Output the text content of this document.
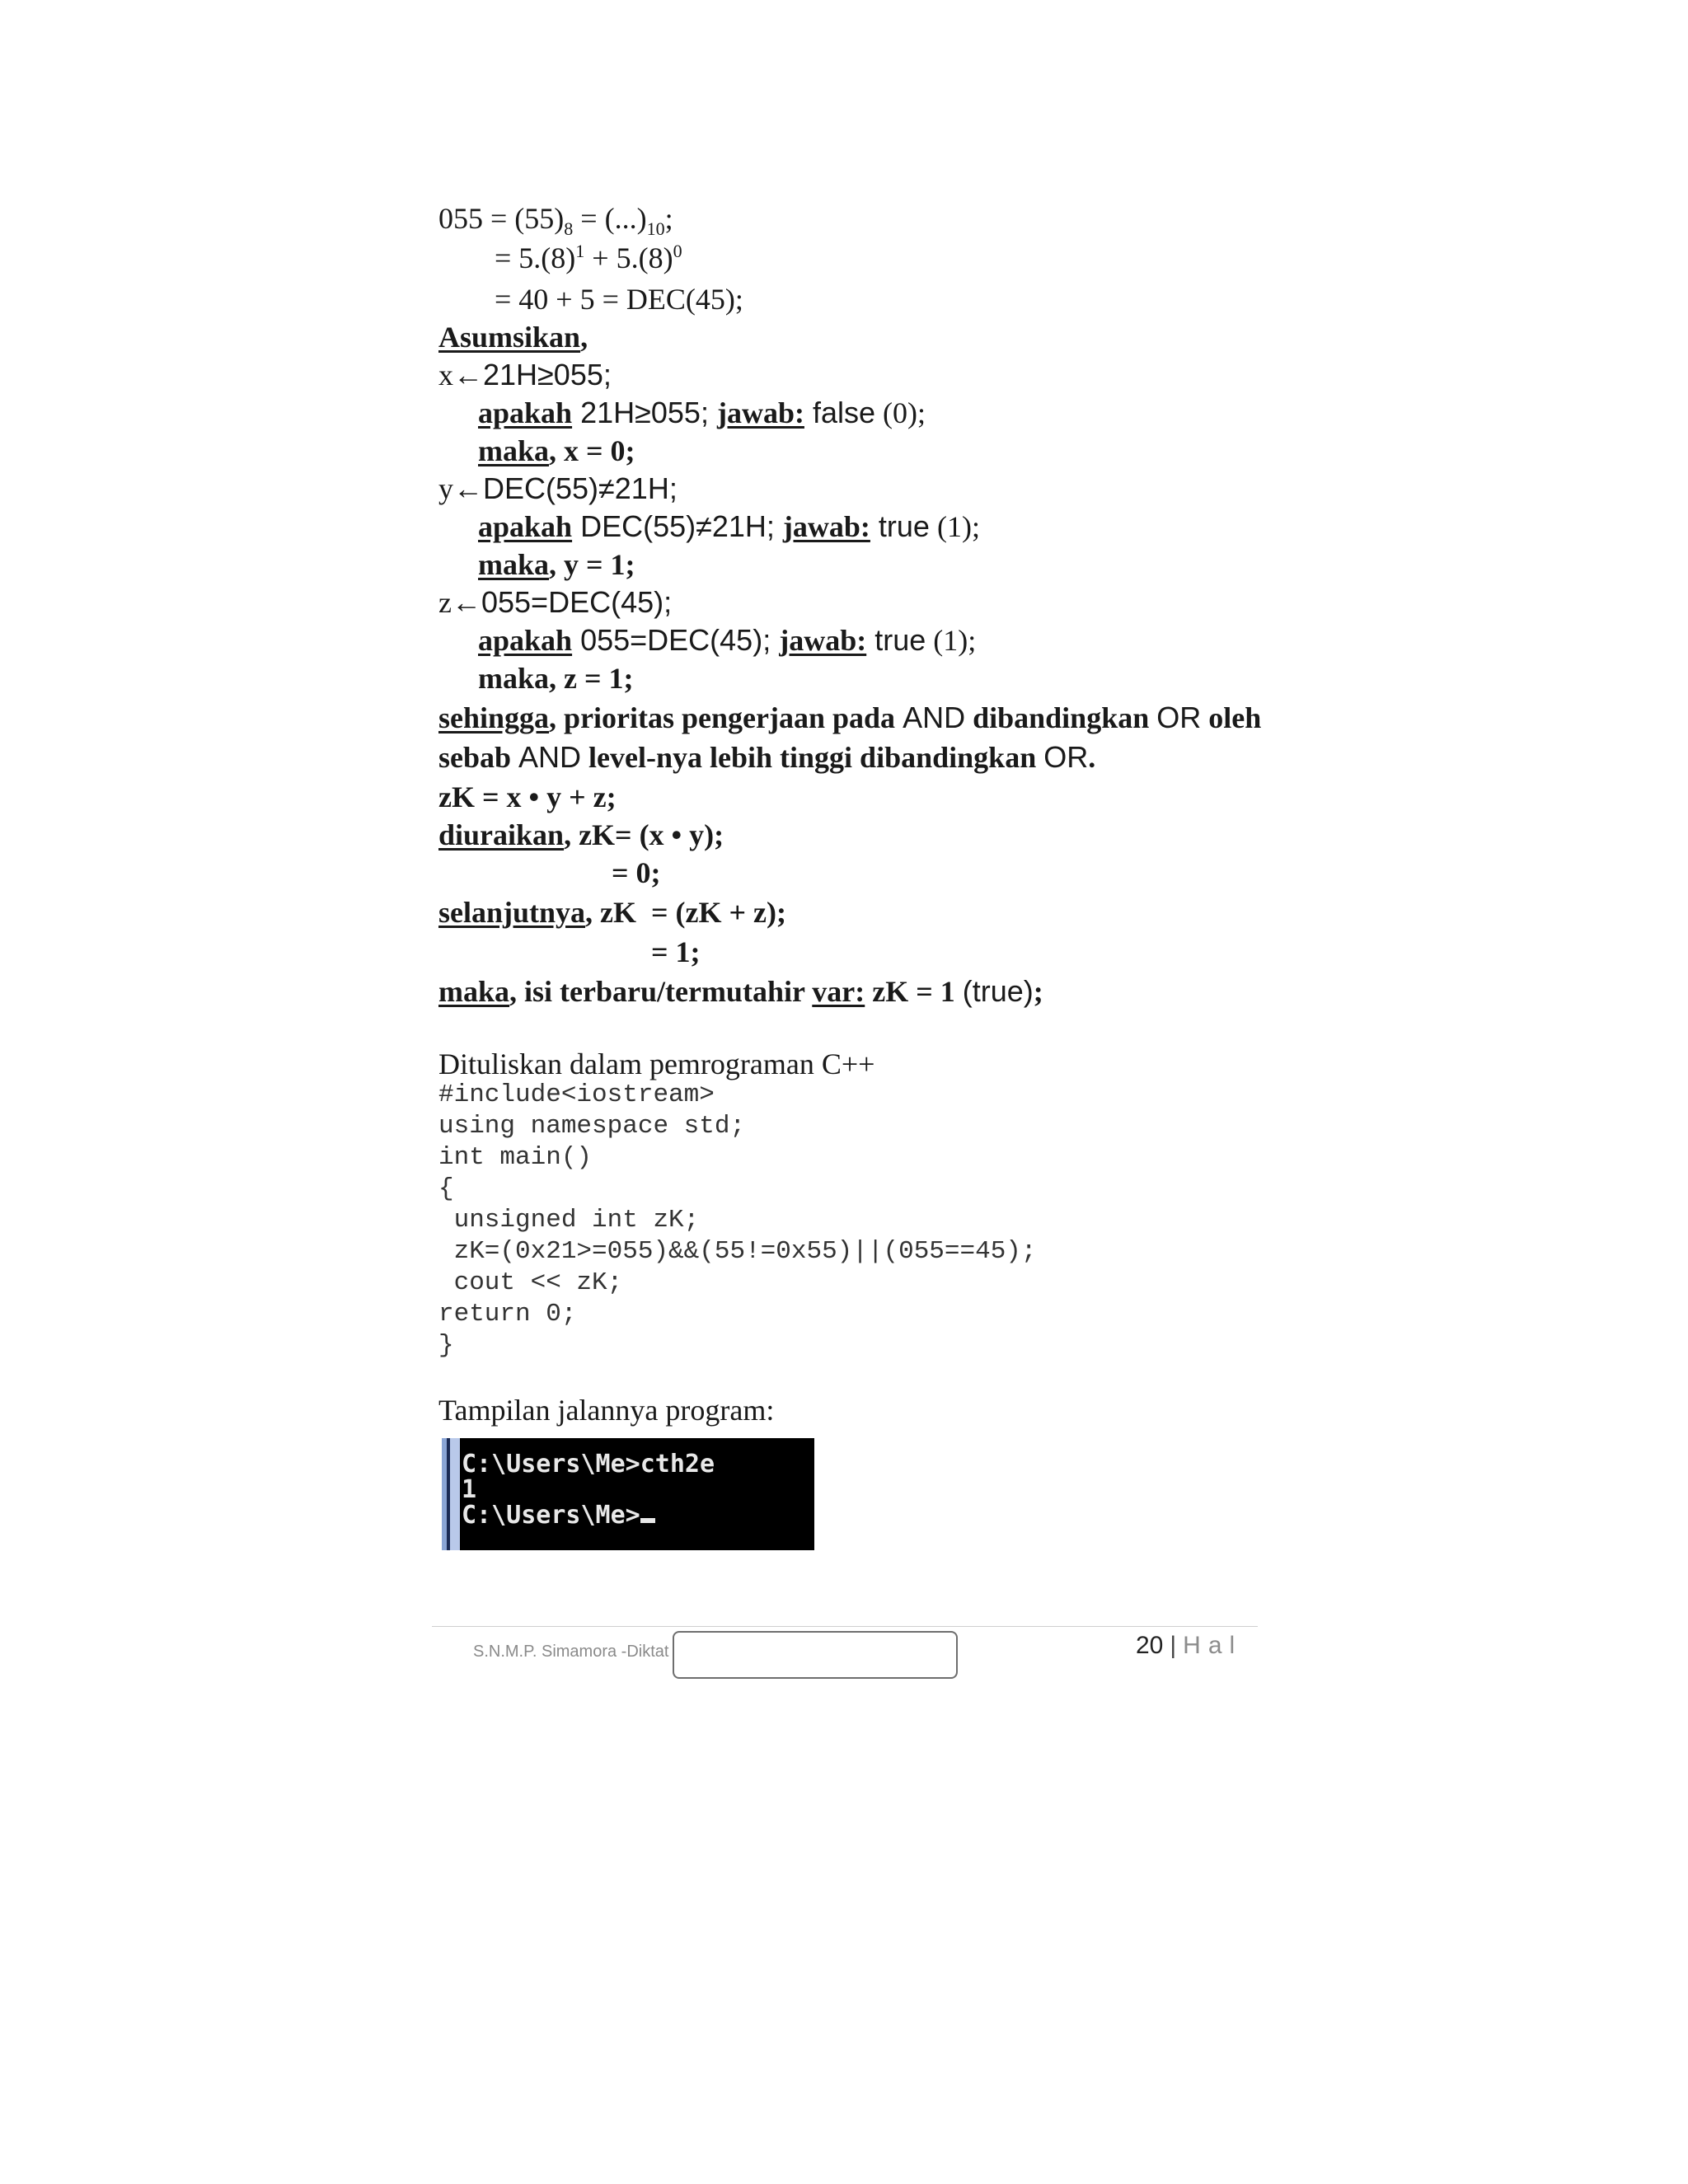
$055 = (55)_8 = (...)_{10}$;
= $5.(8)^1 + 5.(8)^0$
= 40 + 5 = DEC(45);
Asumsikan,
x←21H≥055;
apakah 21H≥055; jawab: false (0);
maka, x = 0;
y←DEC(55)≠21H;
apakah DEC(55)≠21H; jawab: true (1);
maka, y = 1;
z←055=DEC(45);
apakah 055=DEC(45); jawab: true (1);
maka, z = 1;
sehingga, prioritas pengerjaan pada AND dibandingkan OR oleh
sebab AND level-nya lebih tinggi dibandingkan OR.
zK = x • y + z;
diuraikan, zK= (x • y);
= 0;
selanjutnya, zK  = (zK + z);
= 1;
maka, isi terbaru/termutahir var: zK = 1 (true);
Dituliskan dalam pemrograman C++
#include<iostream>
using namespace std;
int main()
{
unsigned int zK;
zK=(0x21>=055)&&(55!=0x55)||(055==45);
cout << zK;
return 0;
}
Tampilan jalannya program:
C:\Users\Me>cth2e
1
C:\Users\Me>
S.N.M.P. Simamora -Diktat	20 | Hal
